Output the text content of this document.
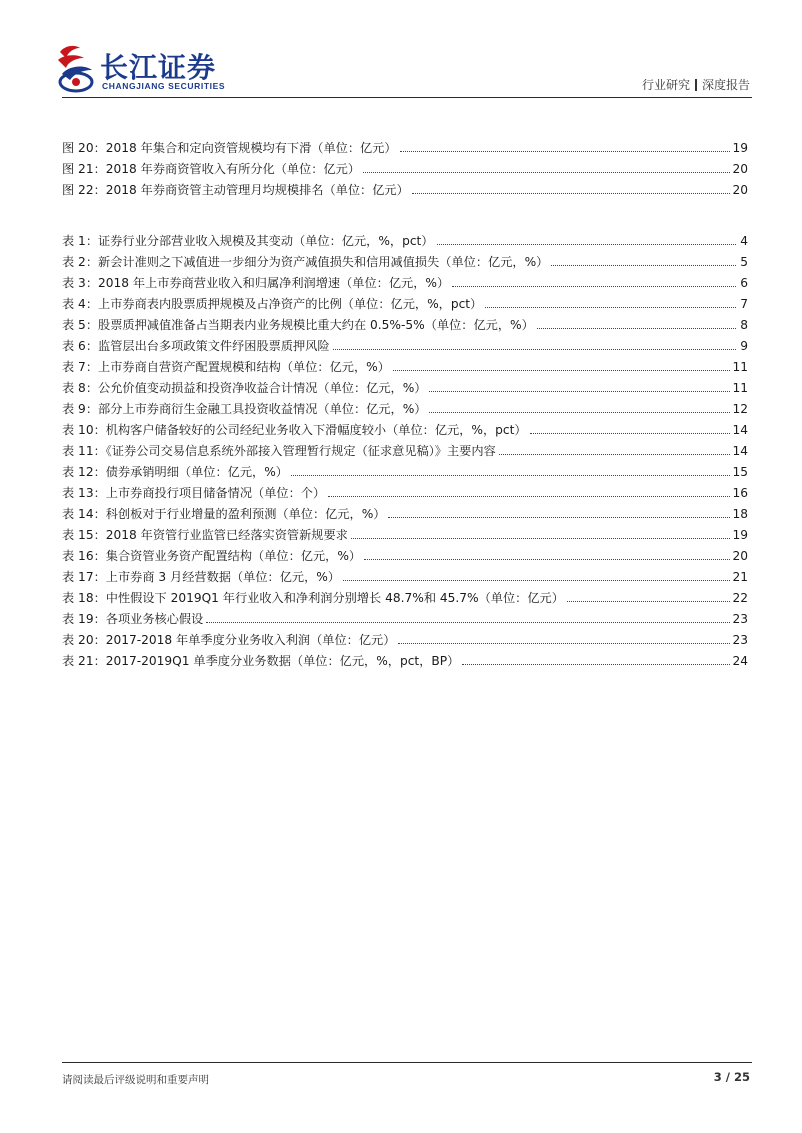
长江证券
CHANGJIANG SECURITIES	行业研究 深度报告
图 20：2018 年集合和定向资管规模均有下滑（单位：亿元）	19
图 21：2018 年券商资管收入有所分化（单位：亿元）	20
图 22：2018 年券商资管主动管理月均规模排名（单位：亿元）	20
表 1：证券行业分部营业收入规模及其变动（单位：亿元，%，pct）	4
表 2：新会计准则之下减值进一步细分为资产减值损失和信用减值损失（单位：亿元，%）	5
表 3：2018 年上市券商营业收入和归属净利润增速（单位：亿元，%）	6
表 4：上市券商表内股票质押规模及占净资产的比例（单位：亿元，%，pct）	7
表 5：股票质押减值准备占当期表内业务规模比重大约在 0.5%-5%（单位：亿元，%）	8
表 6：监管层出台多项政策文件纾困股票质押风险	9
表 7：上市券商自营资产配置规模和结构（单位：亿元，%）	11
表 8：公允价值变动损益和投资净收益合计情况（单位：亿元，%）	11
表 9：部分上市券商衍生金融工具投资收益情况（单位：亿元，%）	12
表 10：机构客户储备较好的公司经纪业务收入下滑幅度较小（单位：亿元，%，pct）	14
表 11：《证券公司交易信息系统外部接入管理暂行规定（征求意见稿）》主要内容	14
表 12：债券承销明细（单位：亿元，%）	15
表 13：上市券商投行项目储备情况（单位：个）	16
表 14：科创板对于行业增量的盈利预测（单位：亿元，%）	18
表 15：2018 年资管行业监管已经落实资管新规要求	19
表 16：集合资管业务资产配置结构（单位：亿元，%）	20
表 17：上市券商 3 月经营数据（单位：亿元，%）	21
表 18：中性假设下 2019Q1 年行业收入和净利润分别增长 48.7%和 45.7%（单位：亿元）	22
表 19：各项业务核心假设	23
表 20：2017-2018 年单季度分业务收入利润（单位：亿元）	23
表 21：2017-2019Q1 单季度分业务数据（单位：亿元，%，pct，BP）	24
请阅读最后评级说明和重要声明	3 / 25
